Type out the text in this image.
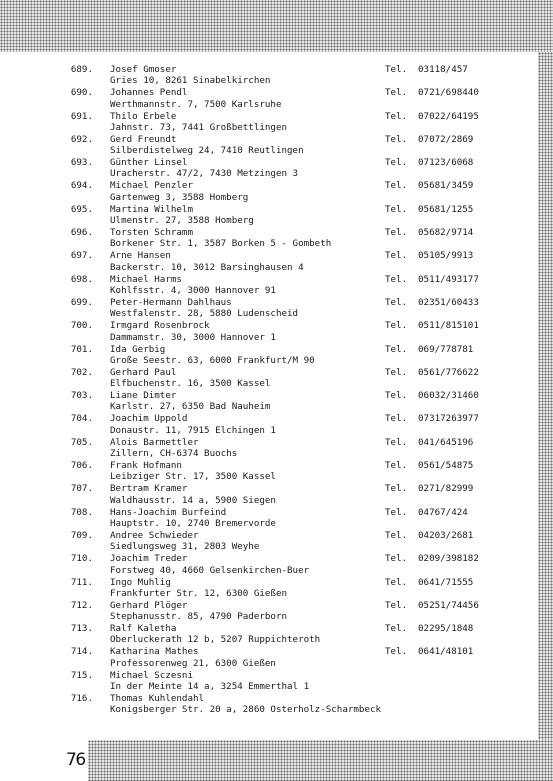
76
689. Josef Gmoser
Gries 10, 8261 Sinabelkirchen
Tel. 03118/457
690. Johannes Pendl
Werthmannstr. 7, 7500 Karlsruhe
Tel. 0721/698440
691. Thilo Erbele
Jahnstr. 73, 7441 Großbettlingen
Tel. 07022/64195
692. Gerd Freundt
Silberdistelweg 24, 7410 Reutlingen
Tel. 07072/2869
693. Günther Linsel
Uracherstr. 47/2, 7430 Metzingen 3
Tel. 07123/6068
694. Michael Penzler
Gartenweg 3, 3588 Homberg
Tel. 05681/3459
695. Martina Wilhelm
Ulmenstr. 27, 3588 Homberg
Tel. 05681/1255
696. Torsten Schramm
Borkener Str. 1, 3587 Borken 5 - Gombeth
Tel. 05682/9714
697. Arne Hansen
Backerstr. 10, 3012 Barsinghausen 4
Tel. 05105/9913
698. Michael Harms
Kohlfsstr. 4, 3000 Hannover 91
Tel. 0511/493177
699. Peter-Hermann Dahlhaus
Westfalenstr. 28, 5880 Ludenscheid
Tel. 02351/60433
700. Irmgard Rosenbrock
Dammamstr. 30, 3000 Hannover 1
Tel. 0511/815101
701. Ida Gerbig
Große Seestr. 63, 6000 Frankfurt/M 90
Tel. 069/778781
702. Gerhard Paul
Elfbuchenstr. 16, 3500 Kassel
Tel. 0561/776622
703. Liane Dimter
Karlstr. 27, 6350 Bad Nauheim
Tel. 06032/31460
704. Joachim Uppold
Donaustr. 11, 7915 Elchingen 1
Tel. 07317263977
705. Alois Barmettler
Zillern, CH-6374 Buochs
Tel. 041/645196
706. Frank Hofmann
Leibziger Str. 17, 3500 Kassel
Tel. 0561/54875
707. Bertram Kramer
Waldhausstr. 14 a, 5900 Siegen
Tel. 0271/82999
708. Hans-Joachim Burfeind
Hauptstr. 10, 2740 Bremervorde
Tel. 04767/424
709. Andree Schwieder
Siedlungsweg 31, 2803 Weyhe
Tel. 04203/2681
710. Joachim Treder
Forstweg 40, 4660 Gelsenkirchen-Buer
Tel. 0209/398182
711. Ingo Muhlig
Frankfurter Str. 12, 6300 Gießen
Tel. 0641/71555
712. Gerhard Plöger
Stephanusstr. 85, 4790 Paderborn
Tel. 05251/74456
713. Ralf Kaletha
Oberluckerath 12 b, 5207 Ruppichteroth
Tel. 02295/1848
714. Katharina Mathes
Professorenweg 21, 6300 Gießen
Tel. 0641/48101
715. Michael Sczesni
In der Meinte 14 a, 3254 Emmerthal 1
716. Thomas Kuhlendahl
Konigsberger Str. 20 a, 2860 Osterholz-Scharmbeck
